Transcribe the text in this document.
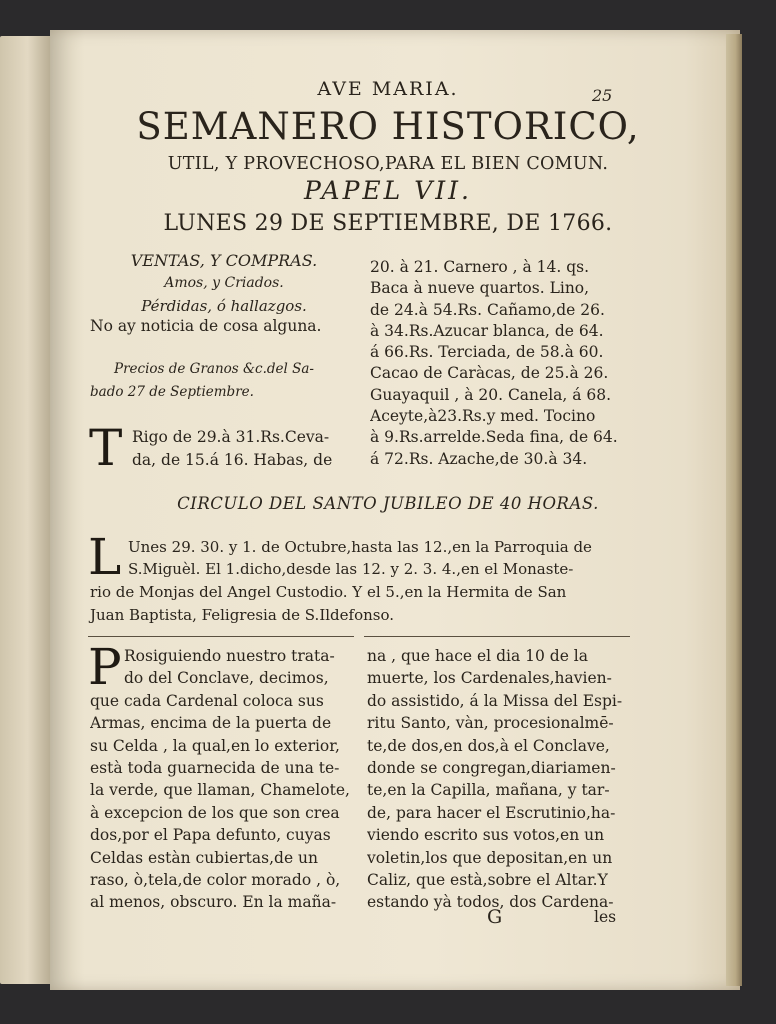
AVE MARIA.	25
SEMANERO HISTORICO,
UTIL, Y PROVECHOSO,PARA EL BIEN COMUN.
PAPEL VII.
LUNES 29 DE SEPTIEMBRE, DE 1766.
VENTAS, Y COMPRAS.
Amos, y Criados.
Pérdidas, ó hallazgos.
No ay noticia de cosa alguna.
Precios de Granos &c.del Sa-
bado 27 de Septiembre.
T Rigo de 29.à 31.Rs.Ceva-
da, de 15.á 16. Habas, de
20. à 21. Carnero , à 14. qs.
Baca à nueve quartos. Lino,
de 24.à 54.Rs. Cañamo,de 26.
à 34.Rs.Azucar blanca, de 64.
á 66.Rs. Terciada, de 58.à 60.
Cacao de Caràcas, de 25.à 26.
Guayaquil , à 20. Canela, á 68.
Aceyte,à23.Rs.y med. Tocino
à 9.Rs.arrelde.Seda fina, de 64.
á 72.Rs. Azache,de 30.à 34.
CIRCULO DEL SANTO JUBILEO DE 40 HORAS.
L Unes 29. 30. y 1. de Octubre,hasta las 12.,en la Parroquia de
S.Miguèl. El 1.dicho,desde las 12. y 2. 3. 4.,en el Monaste-
rio de Monjas del Angel Custodio. Y el 5.,en la Hermita de San
Juan Baptista, Feligresia de S.Ildefonso.
P Rosiguiendo nuestro trata-
do del Conclave, decimos,
que cada Cardenal coloca sus
Armas, encima de la puerta de
su Celda , la qual,en lo exterior,
està toda guarnecida de una te-
la verde, que llaman, Chamelote,
à excepcion de los que son crea
dos,por el Papa defunto, cuyas
Celdas estàn cubiertas,de un
raso, ò,tela,de color morado , ò,
al menos, obscuro. En la maña-
na , que hace el dia 10 de la
muerte, los Cardenales,havien-
do assistido, á la Missa del Espi-
ritu Santo, vàn, procesionalmē-
te,de dos,en dos,à el Conclave,
donde se congregan,diariamen-
te,en la Capilla, mañana, y tar-
de, para hacer el Escrutinio,ha-
viendo escrito sus votos,en un
voletin,los que depositan,en un
Caliz, que està,sobre el Altar.Y
estando yà todos, dos Cardena-
G	les
